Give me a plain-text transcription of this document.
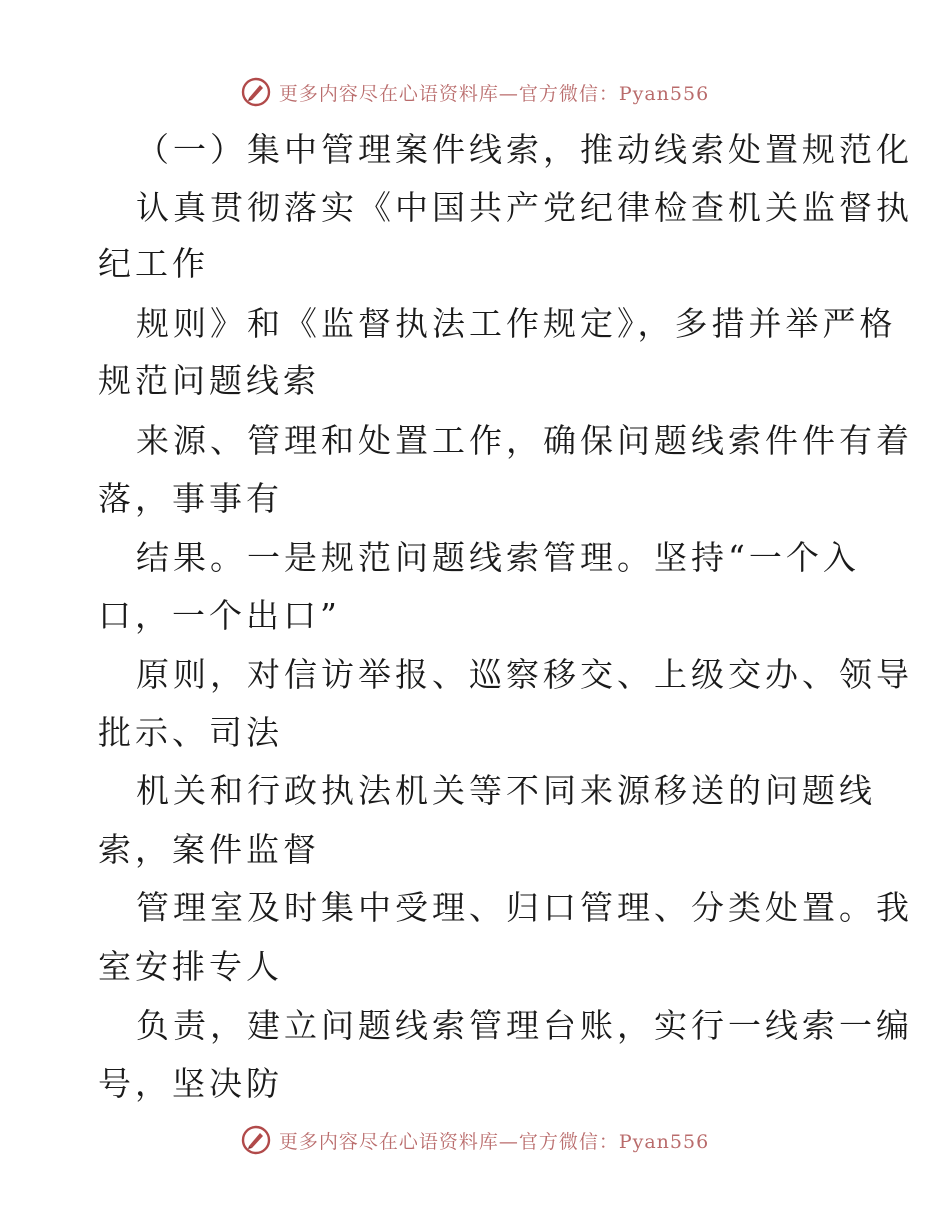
更多内容尽在心语资料库—官方微信：Pyan556
（一）集中管理案件线索，推动线索处置规范化
认真贯彻落实《中国共产党纪律检查机关监督执
纪工作
规则》和《监督执法工作规定》，多措并举严格
规范问题线索
来源、管理和处置工作，确保问题线索件件有着
落，事事有
结果。一是规范问题线索管理。坚持“一个入
口，一个出口”
原则，对信访举报、巡察移交、上级交办、领导
批示、司法
机关和行政执法机关等不同来源移送的问题线
索，案件监督
管理室及时集中受理、归口管理、分类处置。我
室安排专人
负责，建立问题线索管理台账，实行一线索一编
号，坚决防
更多内容尽在心语资料库—官方微信：Pyan556
